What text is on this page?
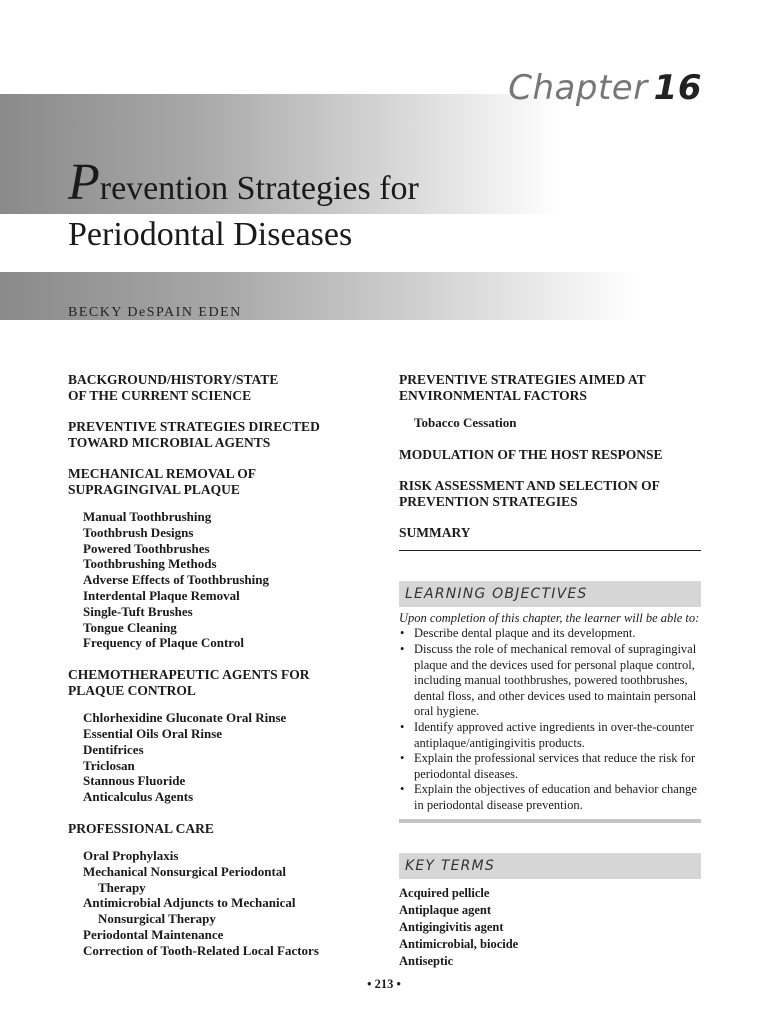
Chapter 16
Prevention Strategies for
Periodontal Diseases
BECKY DeSPAIN EDEN
BACKGROUND/HISTORY/STATE
OF THE CURRENT SCIENCE
PREVENTIVE STRATEGIES DIRECTED
TOWARD MICROBIAL AGENTS
MECHANICAL REMOVAL OF
SUPRAGINGIVAL PLAQUE
Manual Toothbrushing
Toothbrush Designs
Powered Toothbrushes
Toothbrushing Methods
Adverse Effects of Toothbrushing
Interdental Plaque Removal
Single-Tuft Brushes
Tongue Cleaning
Frequency of Plaque Control
CHEMOTHERAPEUTIC AGENTS FOR
PLAQUE CONTROL
Chlorhexidine Gluconate Oral Rinse
Essential Oils Oral Rinse
Dentifrices
Triclosan
Stannous Fluoride
Anticalculus Agents
PROFESSIONAL CARE
Oral Prophylaxis
Mechanical Nonsurgical Periodontal
Therapy
Antimicrobial Adjuncts to Mechanical
Nonsurgical Therapy
Periodontal Maintenance
Correction of Tooth-Related Local Factors
PREVENTIVE STRATEGIES AIMED AT
ENVIRONMENTAL FACTORS
Tobacco Cessation
MODULATION OF THE HOST RESPONSE
RISK ASSESSMENT AND SELECTION OF
PREVENTION STRATEGIES
SUMMARY
LEARNING OBJECTIVES
Upon completion of this chapter, the learner will be able to:
• Describe dental plaque and its development.
• Discuss the role of mechanical removal of supragingival plaque and the devices used for personal plaque control, including manual toothbrushes, powered toothbrushes, dental floss, and other devices used to maintain personal oral hygiene.
• Identify approved active ingredients in over-the-counter antiplaque/antigingivitis products.
• Explain the professional services that reduce the risk for periodontal diseases.
• Explain the objectives of education and behavior change in periodontal disease prevention.
KEY TERMS
Acquired pellicle
Antiplaque agent
Antigingivitis agent
Antimicrobial, biocide
Antiseptic
• 213 •
